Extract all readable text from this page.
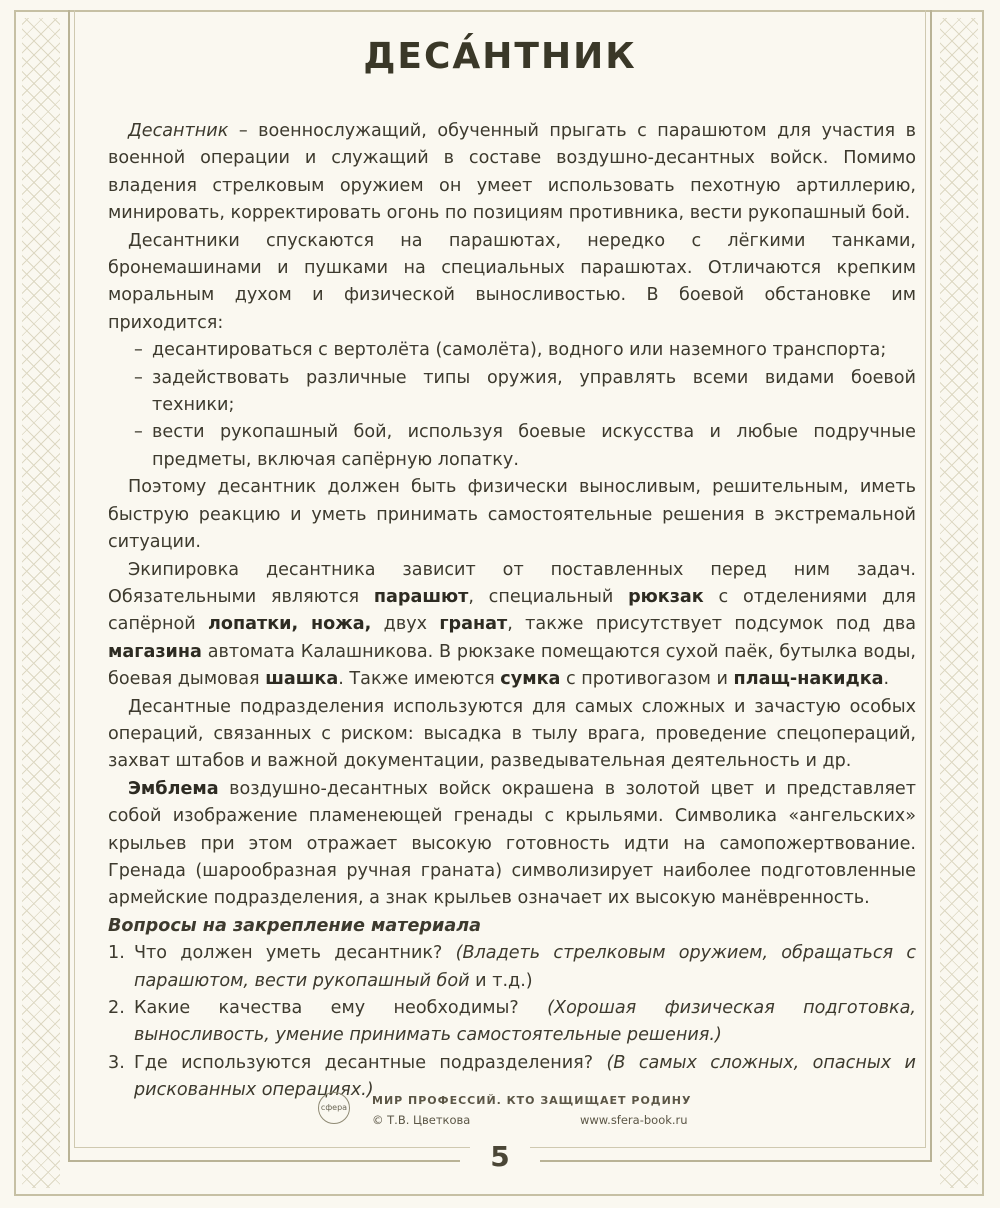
ДЕСА́НТНИК

Десантник – военнослужащий, обученный прыгать с парашютом для участия в военной операции и служащий в составе воздушно-десантных войск. Помимо владения стрелковым оружием он умеет использовать пехотную артиллерию, минировать, корректировать огонь по позициям противника, вести рукопашный бой.

Десантники спускаются на парашютах, нередко с лёгкими танками, бронемашинами и пушками на специальных парашютах. Отличаются крепким моральным духом и физической выносливостью. В боевой обстановке им приходится:

– десантироваться с вертолёта (самолёта), водного или наземного транспорта;
– задействовать различные типы оружия, управлять всеми видами боевой техники;
– вести рукопашный бой, используя боевые искусства и любые подручные предметы, включая сапёрную лопатку.

Поэтому десантник должен быть физически выносливым, решительным, иметь быструю реакцию и уметь принимать самостоятельные решения в экстремальной ситуации.

Экипировка десантника зависит от поставленных перед ним задач. Обязательными являются парашют, специальный рюкзак с отделениями для сапёрной лопатки, ножа, двух гранат, также присутствует подсумок под два магазина автомата Калашникова. В рюкзаке помещаются сухой паёк, бутылка воды, боевая дымовая шашка. Также имеются сумка с противогазом и плащ-накидка.

Десантные подразделения используются для самых сложных и зачастую особых операций, связанных с риском: высадка в тылу врага, проведение спецопераций, захват штабов и важной документации, разведывательная деятельность и др.

Эмблема воздушно-десантных войск окрашена в золотой цвет и представляет собой изображение пламенеющей гренады с крыльями. Символика «ангельских» крыльев при этом отражает высокую готовность идти на самопожертвование. Гренада (шарообразная ручная граната) символизирует наиболее подготовленные армейские подразделения, а знак крыльев означает их высокую манёвренность.

Вопросы на закрепление материала

1. Что должен уметь десантник? (Владеть стрелковым оружием, обращаться с парашютом, вести рукопашный бой и т.д.)
2. Какие качества ему необходимы? (Хорошая физическая подготовка, выносливость, умение принимать самостоятельные решения.)
3. Где используются десантные подразделения? (В самых сложных, опасных и рискованных операциях.)
сфера
МИР ПРОФЕССИЙ. КТО ЗАЩИЩАЕТ РОДИНУ
© Т.В. Цветкова	www.sfera-book.ru
5
